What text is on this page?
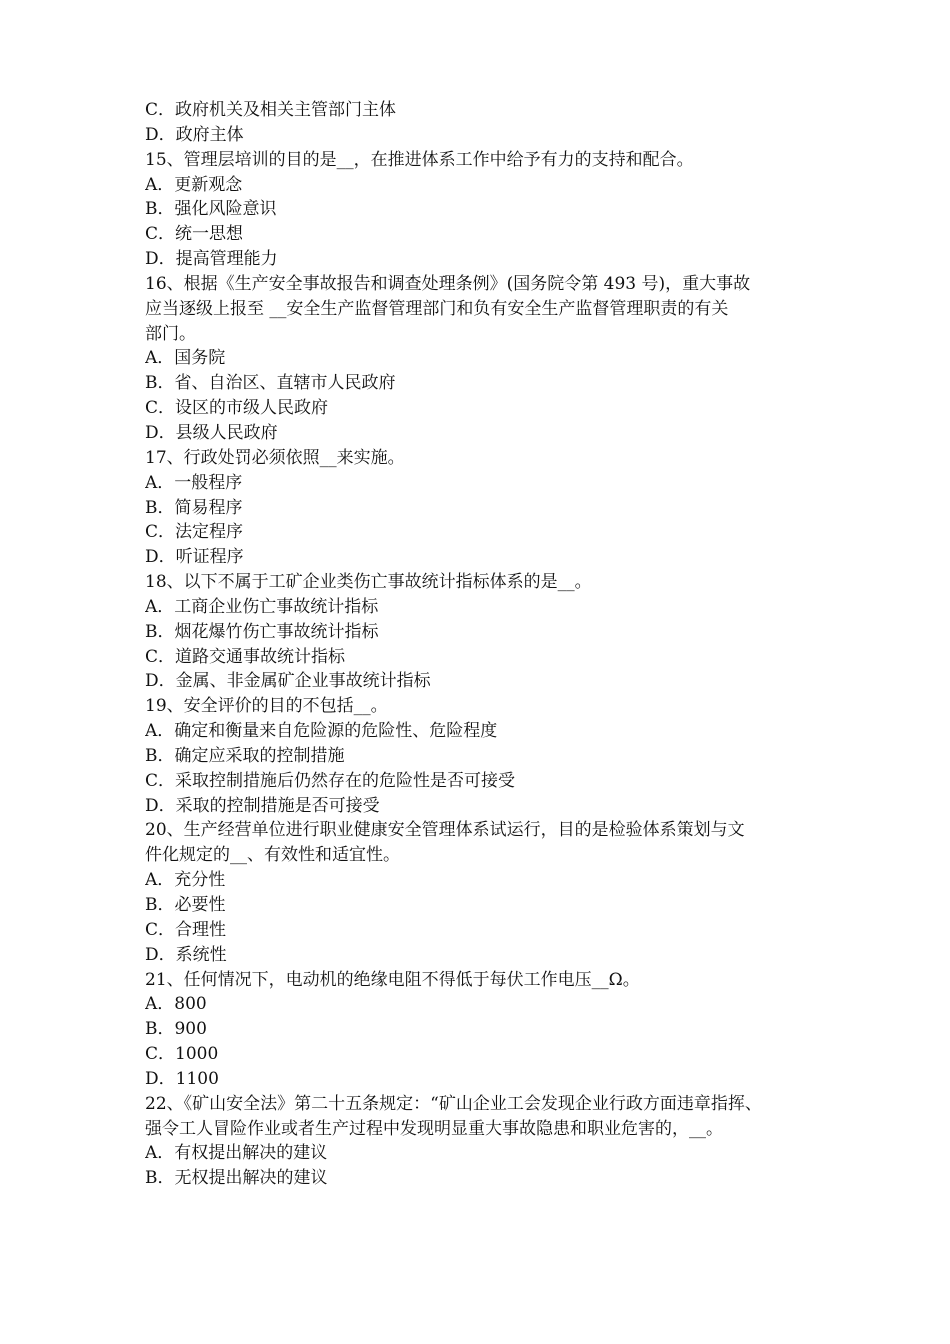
C．政府机关及相关主管部门主体
D．政府主体
15、管理层培训的目的是__，在推进体系工作中给予有力的支持和配合。
A．更新观念
B．强化风险意识
C．统一思想
D．提高管理能力
16、根据《生产安全事故报告和调查处理条例》(国务院令第 493 号)，重大事故
应当逐级上报至 __安全生产监督管理部门和负有安全生产监督管理职责的有关
部门。
A．国务院
B．省、自治区、直辖市人民政府
C．设区的市级人民政府
D．县级人民政府
17、行政处罚必须依照__来实施。
A．一般程序
B．简易程序
C．法定程序
D．听证程序
18、以下不属于工矿企业类伤亡事故统计指标体系的是__。
A．工商企业伤亡事故统计指标
B．烟花爆竹伤亡事故统计指标
C．道路交通事故统计指标
D．金属、非金属矿企业事故统计指标
19、安全评价的目的不包括__。
A．确定和衡量来自危险源的危险性、危险程度
B．确定应采取的控制措施
C．采取控制措施后仍然存在的危险性是否可接受
D．采取的控制措施是否可接受
20、生产经营单位进行职业健康安全管理体系试运行，目的是检验体系策划与文
件化规定的__、有效性和适宜性。
A．充分性
B．必要性
C．合理性
D．系统性
21、任何情况下，电动机的绝缘电阻不得低于每伏工作电压__Ω。
A．800
B．900
C．1000
D．1100
22、《矿山安全法》第二十五条规定：“矿山企业工会发现企业行政方面违章指挥、
强令工人冒险作业或者生产过程中发现明显重大事故隐患和职业危害的，__。
A．有权提出解决的建议
B．无权提出解决的建议
